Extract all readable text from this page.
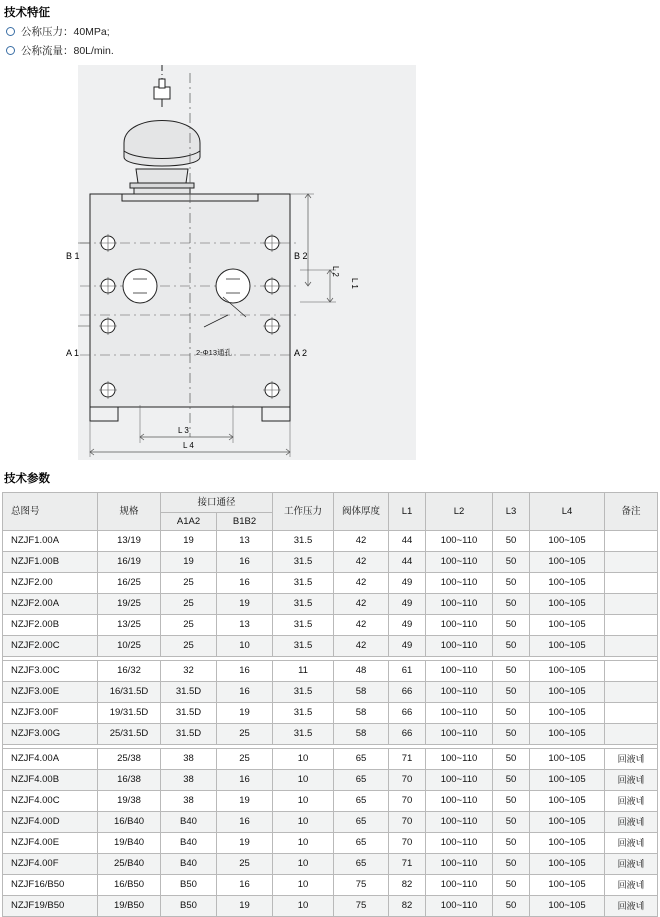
技术特征
公称压力：40MPa;
公称流量：80L/min.
B 1	B 2
A 1	A 2
L 2
L 1
L 3
L 4
2-Φ13通孔
技术参数
总图号	规格	接口通径		工作压力	阀体厚度	L1	L2	L3	L4	备注
		A1A2	B1B2							
NZJF1.00A	13/19	19	13	31.5	42	44	100~110	50	100~105	
NZJF1.00B	16/19	19	16	31.5	42	44	100~110	50	100~105	
NZJF2.00	16/25	25	16	31.5	42	49	100~110	50	100~105	
NZJF2.00A	19/25	25	19	31.5	42	49	100~110	50	100~105	
NZJF2.00B	13/25	25	13	31.5	42	49	100~110	50	100~105	
NZJF2.00C	10/25	25	10	31.5	42	49	100~110	50	100~105	

NZJF3.00C	16/32	32	16	11	48	61	100~110	50	100~105	
NZJF3.00E	16/31.5D	31.5D	16	31.5	58	66	100~110	50	100~105	
NZJF3.00F	19/31.5D	31.5D	19	31.5	58	66	100~110	50	100~105	
NZJF3.00G	25/31.5D	31.5D	25	31.5	58	66	100~110	50	100~105	

NZJF4.00A	25/38	38	25	10	65	71	100~110	50	100~105	回液네
NZJF4.00B	16/38	38	16	10	65	70	100~110	50	100~105	回液네
NZJF4.00C	19/38	38	19	10	65	70	100~110	50	100~105	回液네
NZJF4.00D	16/B40	B40	16	10	65	70	100~110	50	100~105	回液네
NZJF4.00E	19/B40	B40	19	10	65	70	100~110	50	100~105	回液네
NZJF4.00F	25/B40	B40	25	10	65	71	100~110	50	100~105	回液네
NZJF16/B50	16/B50	B50	16	10	75	82	100~110	50	100~105	回液네
NZJF19/B50	19/B50	B50	19	10	75	82	100~110	50	100~105	回液네
